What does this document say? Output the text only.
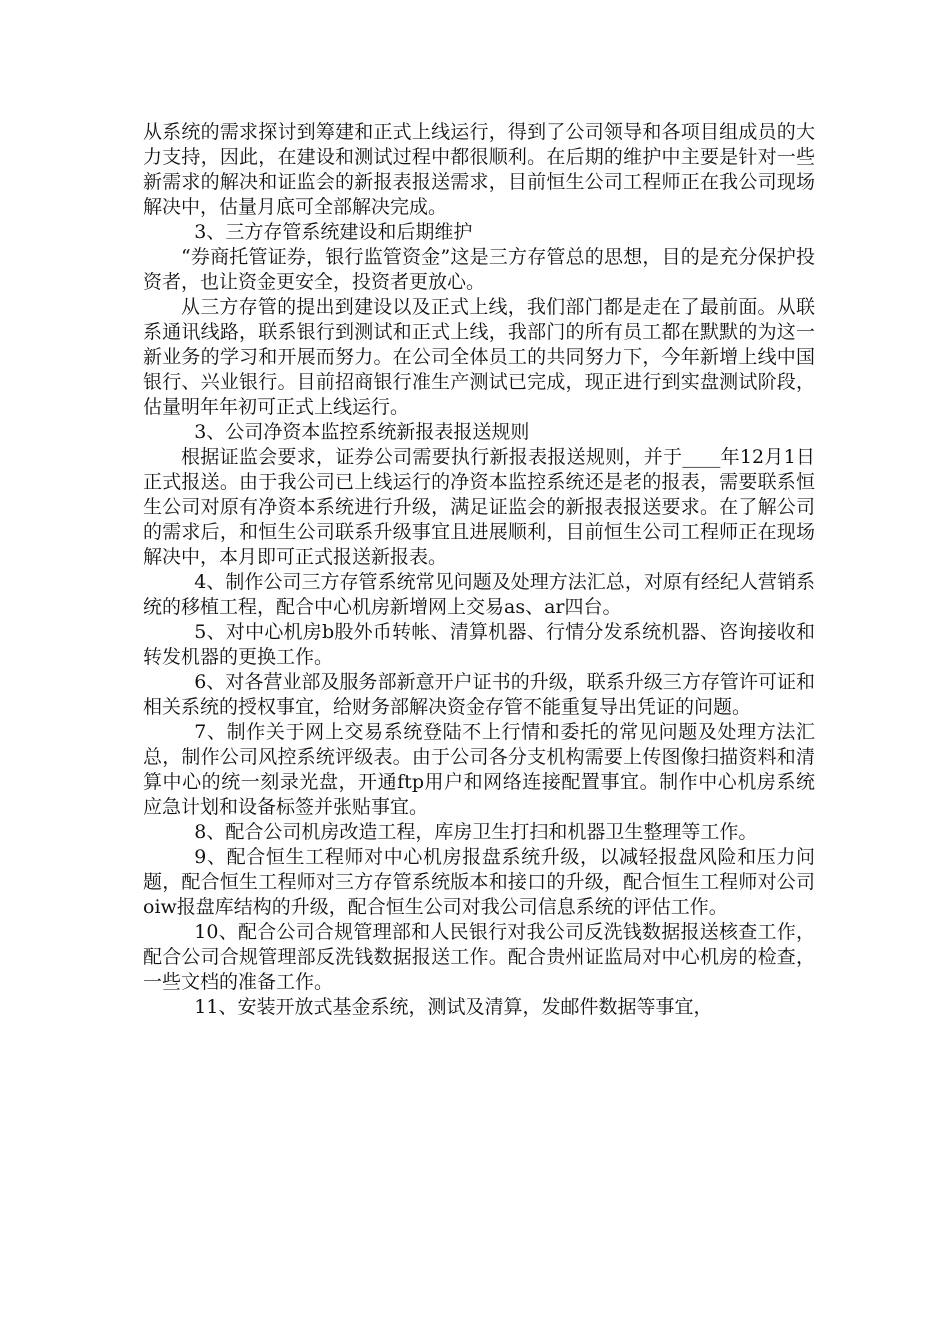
从系统的需求探讨到筹建和正式上线运行，得到了公司领导和各项目组成员的大力支持，因此，在建设和测试过程中都很顺利。在后期的维护中主要是针对一些新需求的解决和证监会的新报表报送需求，目前恒生公司工程师正在我公司现场解决中，估量月底可全部解决完成。

3、三方存管系统建设和后期维护

“券商托管证券，银行监管资金”这是三方存管总的思想，目的是充分保护投资者，也让资金更安全，投资者更放心。

从三方存管的提出到建设以及正式上线，我们部门都是走在了最前面。从联系通讯线路，联系银行到测试和正式上线，我部门的所有员工都在默默的为这一新业务的学习和开展而努力。在公司全体员工的共同努力下，今年新增上线中国银行、兴业银行。目前招商银行准生产测试已完成，现正进行到实盘测试阶段，估量明年年初可正式上线运行。

3、公司净资本监控系统新报表报送规则

根据证监会要求，证券公司需要执行新报表报送规则，并于____年12月1日正式报送。由于我公司已上线运行的净资本监控系统还是老的报表，需要联系恒生公司对原有净资本系统进行升级，满足证监会的新报表报送要求。在了解公司的需求后，和恒生公司联系升级事宜且进展顺利，目前恒生公司工程师正在现场解决中，本月即可正式报送新报表。

4、制作公司三方存管系统常见问题及处理方法汇总，对原有经纪人营销系统的移植工程，配合中心机房新增网上交易as、ar四台。

5、对中心机房b股外币转帐、清算机器、行情分发系统机器、咨询接收和转发机器的更换工作。

6、对各营业部及服务部新意开户证书的升级，联系升级三方存管许可证和相关系统的授权事宜，给财务部解决资金存管不能重复导出凭证的问题。

7、制作关于网上交易系统登陆不上行情和委托的常见问题及处理方法汇总，制作公司风控系统评级表。由于公司各分支机构需要上传图像扫描资料和清算中心的统一刻录光盘，开通ftp用户和网络连接配置事宜。制作中心机房系统应急计划和设备标签并张贴事宜。

8、配合公司机房改造工程，库房卫生打扫和机器卫生整理等工作。

9、配合恒生工程师对中心机房报盘系统升级，以减轻报盘风险和压力问题，配合恒生工程师对三方存管系统版本和接口的升级，配合恒生工程师对公司oiw报盘库结构的升级，配合恒生公司对我公司信息系统的评估工作。

10、配合公司合规管理部和人民银行对我公司反洗钱数据报送核查工作，配合公司合规管理部反洗钱数据报送工作。配合贵州证监局对中心机房的检查，一些文档的准备工作。

11、安装开放式基金系统，测试及清算，发邮件数据等事宜，
